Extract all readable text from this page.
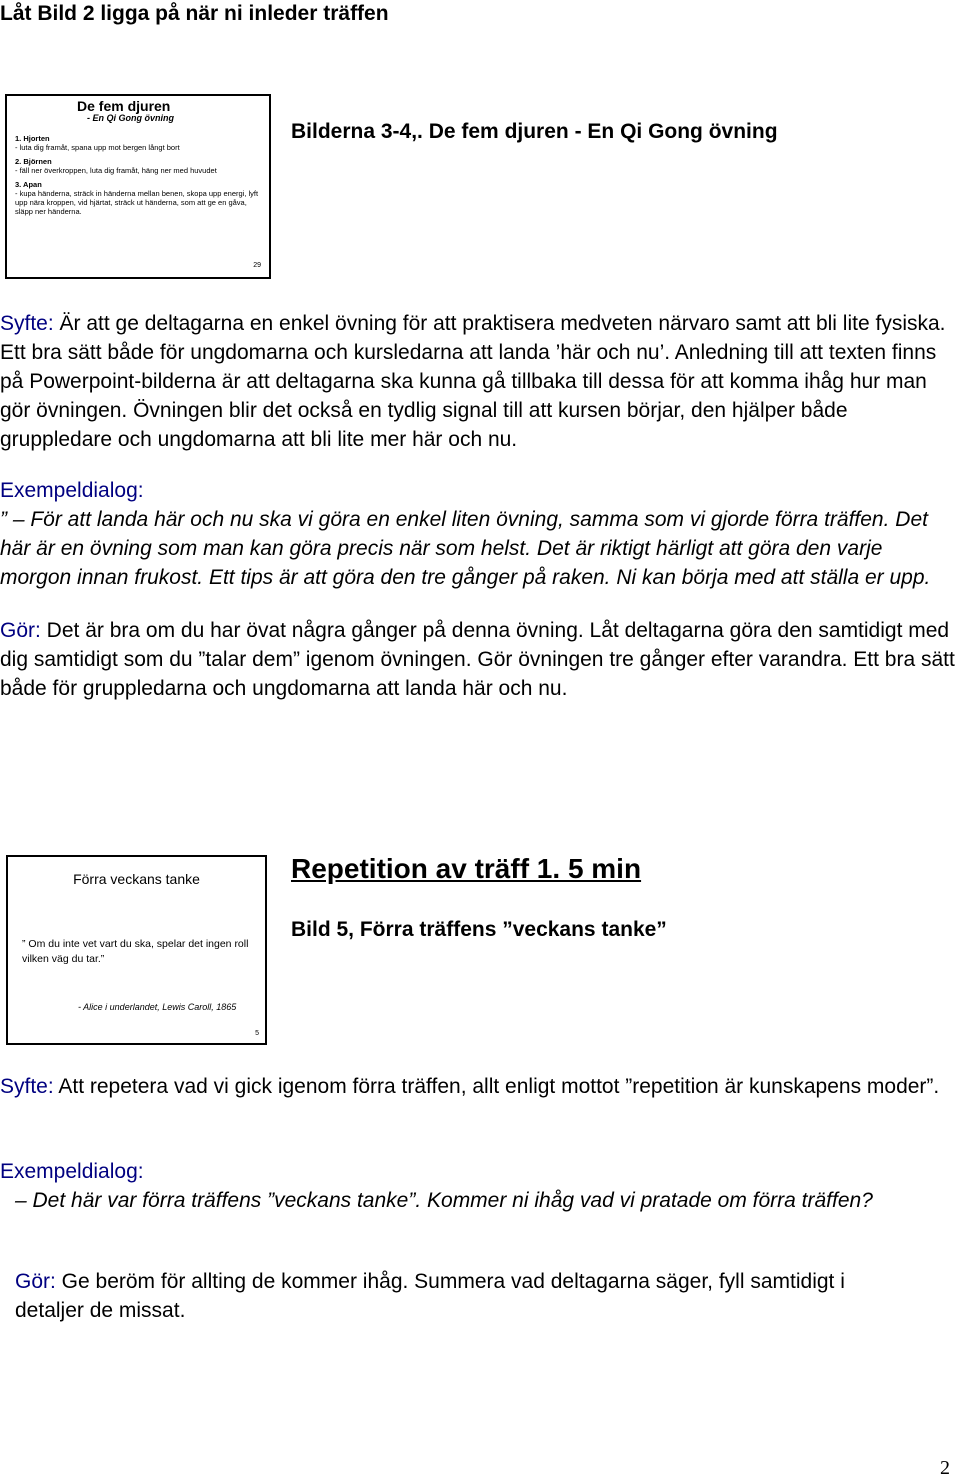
Låt Bild 2 ligga på när ni inleder träffen
De fem djuren
- En Qi Gong övning
1. Hjorten
- luta dig framåt, spana upp mot bergen långt bort
2. Björnen
- fäll ner överkroppen, luta dig framåt, häng ner med huvudet
3. Apan
- kupa händerna, sträck in händerna mellan benen, skopa upp energi, lyft upp nära kroppen, vid hjärtat, sträck ut händerna, som att ge en gåva, släpp ner händerna.
29
Bilderna 3-4,. De fem djuren - En Qi Gong övning

Syfte: Är att ge deltagarna en enkel övning för att praktisera medveten närvaro samt att bli lite fysiska. Ett bra sätt både för ungdomarna och kursledarna att landa ’här och nu’. Anledning till att texten finns på Powerpoint-bilderna är att deltagarna ska kunna gå tillbaka till dessa för att komma ihåg hur man gör övningen. Övningen blir det också en tydlig signal till att kursen börjar, den hjälper både gruppledare och ungdomarna att bli lite mer här och nu.

Exempeldialog:

” – För att landa här och nu ska vi göra en enkel liten övning, samma som vi gjorde förra träffen. Det här är en övning som man kan göra precis när som helst. Det är riktigt härligt att göra den varje morgon innan frukost. Ett tips är att göra den tre gånger på raken. Ni kan börja med att ställa er upp.

Gör: Det är bra om du har övat några gånger på denna övning. Låt deltagarna göra den samtidigt med dig samtidigt som du ”talar dem” igenom övningen. Gör övningen tre gånger efter varandra. Ett bra sätt både för gruppledarna och ungdomarna att landa här och nu.

Förra veckans tanke
” Om du inte vet vart du ska, spelar det ingen roll vilken väg du tar.”
- Alice i underlandet, Lewis Caroll, 1865
5
Repetition av träff 1. 5 min
Bild 5, Förra träffens ”veckans tanke”

Syfte: Att repetera vad vi gick igenom förra träffen, allt enligt mottot ”repetition är kunskapens moder”.

Exempeldialog:
– Det här var förra träffens ”veckans tanke”. Kommer ni ihåg vad vi pratade om förra träffen?

Gör: Ge beröm för allting de kommer ihåg. Summera vad deltagarna säger, fyll samtidigt i detaljer de missat.

2
